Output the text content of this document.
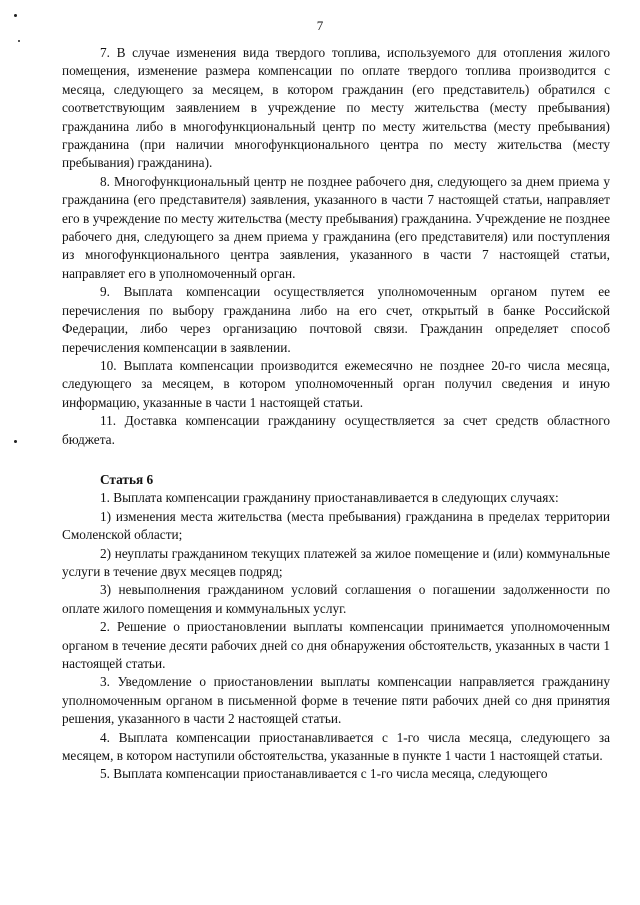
7

7. В случае изменения вида твердого топлива, используемого для отопления жилого помещения, изменение размера компенсации по оплате твердого топлива производится с месяца, следующего за месяцем, в котором гражданин (его представитель) обратился с соответствующим заявлением в учреждение по месту жительства (месту пребывания) гражданина либо в многофункциональный центр по месту жительства (месту пребывания) гражданина (при наличии многофункционального центра по месту жительства (месту пребывания) гражданина).

8. Многофункциональный центр не позднее рабочего дня, следующего за днем приема у гражданина (его представителя) заявления, указанного в части 7 настоящей статьи, направляет его в учреждение по месту жительства (месту пребывания) гражданина. Учреждение не позднее рабочего дня, следующего за днем приема у гражданина (его представителя) или поступления из многофункционального центра заявления, указанного в части 7 настоящей статьи, направляет его в уполномоченный орган.

9. Выплата компенсации осуществляется уполномоченным органом путем ее перечисления по выбору гражданина либо на его счет, открытый в банке Российской Федерации, либо через организацию почтовой связи. Гражданин определяет способ перечисления компенсации в заявлении.

10. Выплата компенсации производится ежемесячно не позднее 20-го числа месяца, следующего за месяцем, в котором уполномоченный орган получил сведения и иную информацию, указанные в части 1 настоящей статьи.

11. Доставка компенсации гражданину осуществляется за счет средств областного бюджета.

Статья 6

1. Выплата компенсации гражданину приостанавливается в следующих случаях:

1) изменения места жительства (места пребывания) гражданина в пределах территории Смоленской области;

2) неуплаты гражданином текущих платежей за жилое помещение и (или) коммунальные услуги в течение двух месяцев подряд;

3) невыполнения гражданином условий соглашения о погашении задолженности по оплате жилого помещения и коммунальных услуг.

2. Решение о приостановлении выплаты компенсации принимается уполномоченным органом в течение десяти рабочих дней со дня обнаружения обстоятельств, указанных в части 1 настоящей статьи.

3. Уведомление о приостановлении выплаты компенсации направляется гражданину уполномоченным органом в письменной форме в течение пяти рабочих дней со дня принятия решения, указанного в части 2 настоящей статьи.

4. Выплата компенсации приостанавливается с 1-го числа месяца, следующего за месяцем, в котором наступили обстоятельства, указанные в пункте 1 части 1 настоящей статьи.

5. Выплата компенсации приостанавливается с 1-го числа месяца, следующего
